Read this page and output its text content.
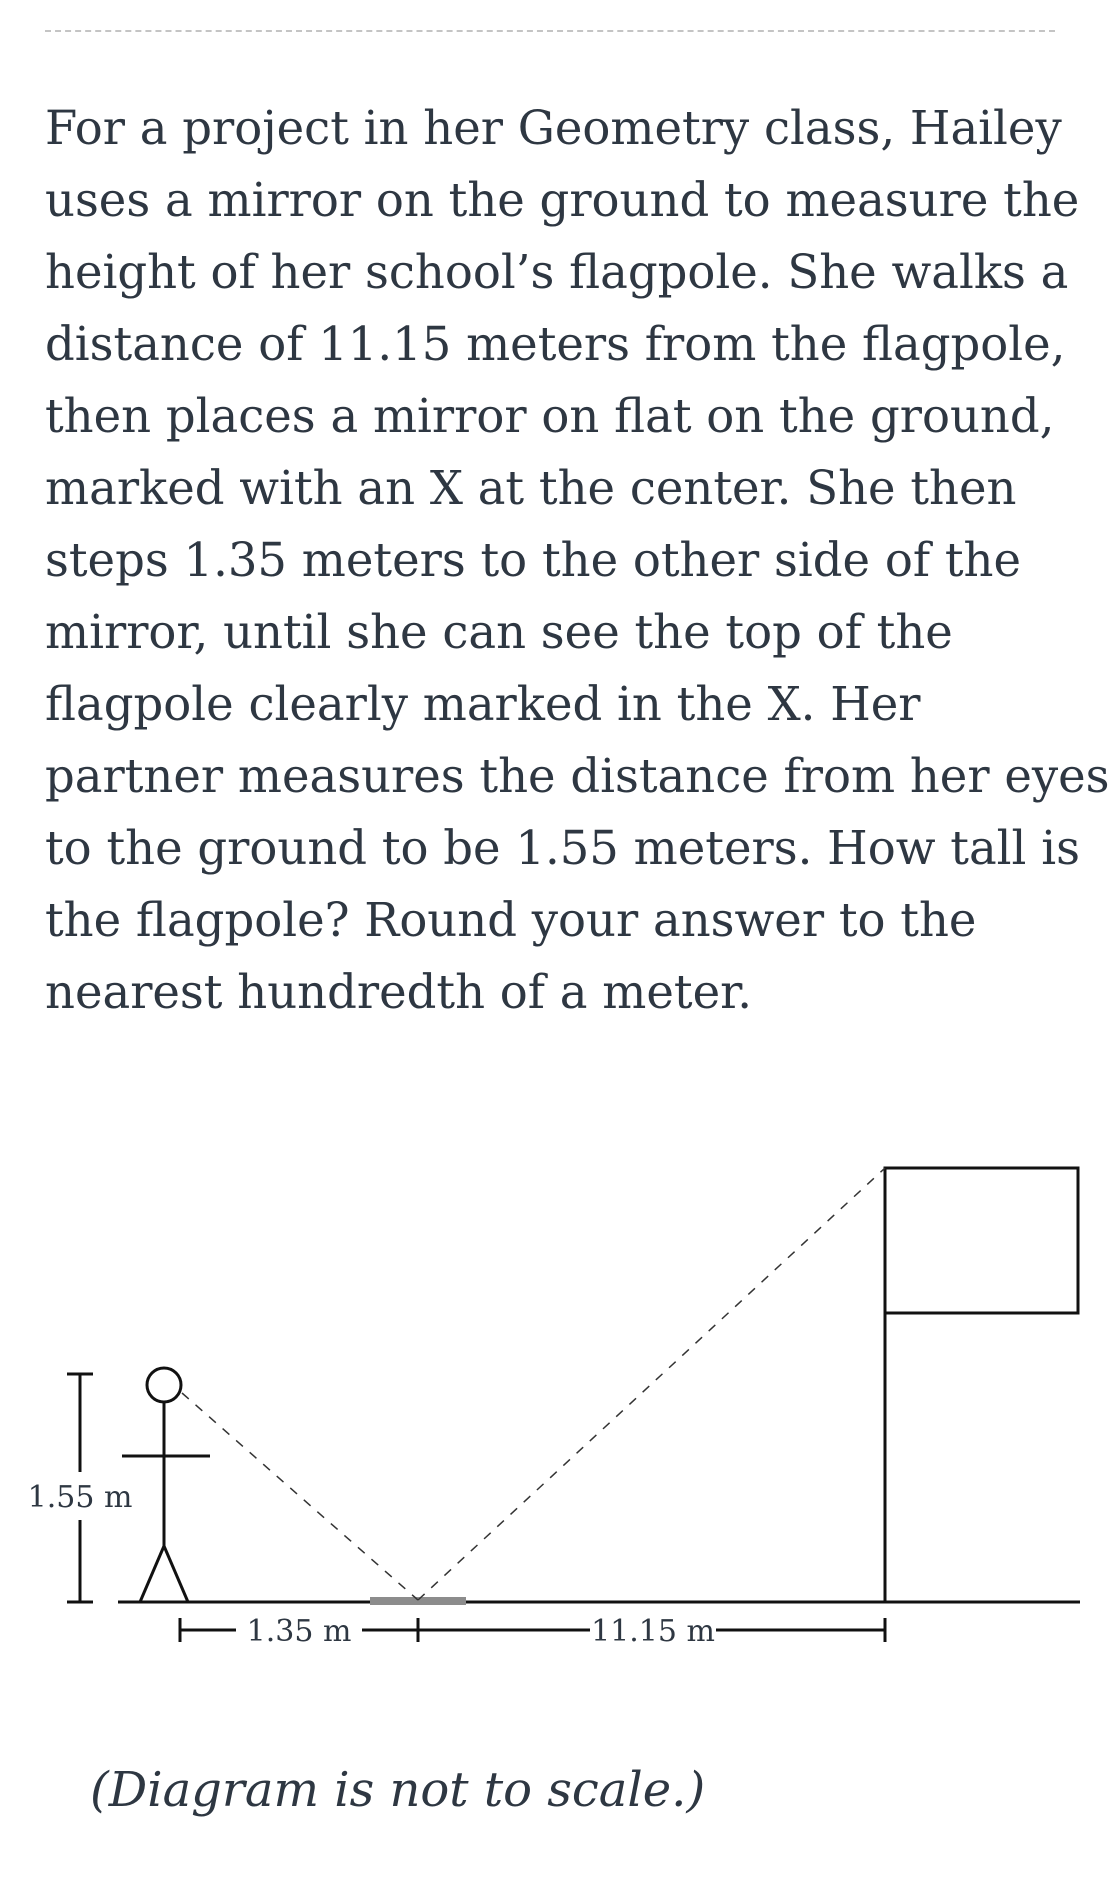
For a project in her Geometry class, Hailey
uses a mirror on the ground to measure the
height of her school’s flagpole. She walks a
distance of 11.15 meters from the flagpole,
then places a mirror on flat on the ground,
marked with an X at the center. She then
steps 1.35 meters to the other side of the
mirror, until she can see the top of the
flagpole clearly marked in the X. Her
partner measures the distance from her eyes
to the ground to be 1.55 meters. How tall is
the flagpole? Round your answer to the
nearest hundredth of a meter.
1.55 m
1.35 m	11.15 m

(Diagram is not to scale.)
